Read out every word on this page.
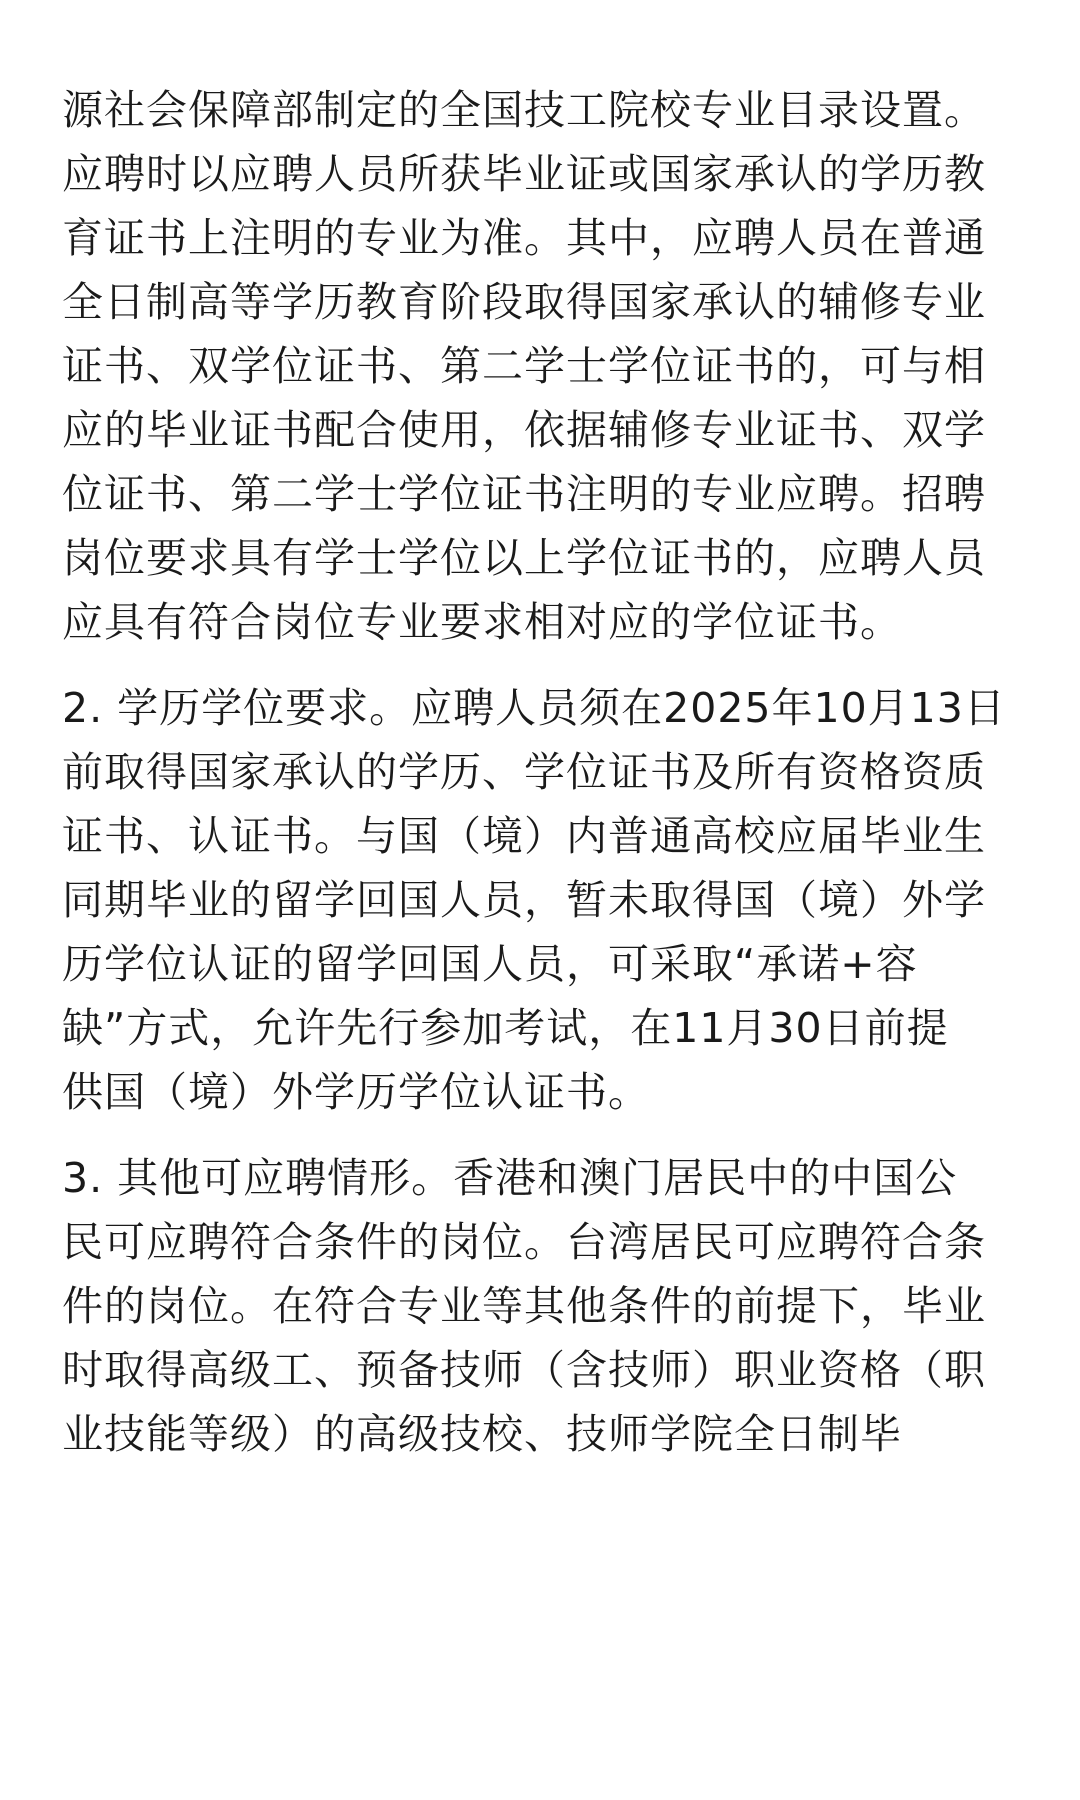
源社会保障部制定的全国技工院校专业目录设置。
应聘时以应聘人员所获毕业证或国家承认的学历教
育证书上注明的专业为准。其中，应聘人员在普通
全日制高等学历教育阶段取得国家承认的辅修专业
证书、双学位证书、第二学士学位证书的，可与相
应的毕业证书配合使用，依据辅修专业证书、双学
位证书、第二学士学位证书注明的专业应聘。招聘
岗位要求具有学士学位以上学位证书的，应聘人员
应具有符合岗位专业要求相对应的学位证书。

2. 学历学位要求。应聘人员须在2025年10月13日
前取得国家承认的学历、学位证书及所有资格资质
证书、认证书。与国（境）内普通高校应届毕业生
同期毕业的留学回国人员，暂未取得国（境）外学
历学位认证的留学回国人员，可采取“承诺+容
缺”方式，允许先行参加考试，在11月30日前提
供国（境）外学历学位认证书。

3. 其他可应聘情形。香港和澳门居民中的中国公
民可应聘符合条件的岗位。台湾居民可应聘符合条
件的岗位。在符合专业等其他条件的前提下，毕业
时取得高级工、预备技师（含技师）职业资格（职
业技能等级）的高级技校、技师学院全日制毕
